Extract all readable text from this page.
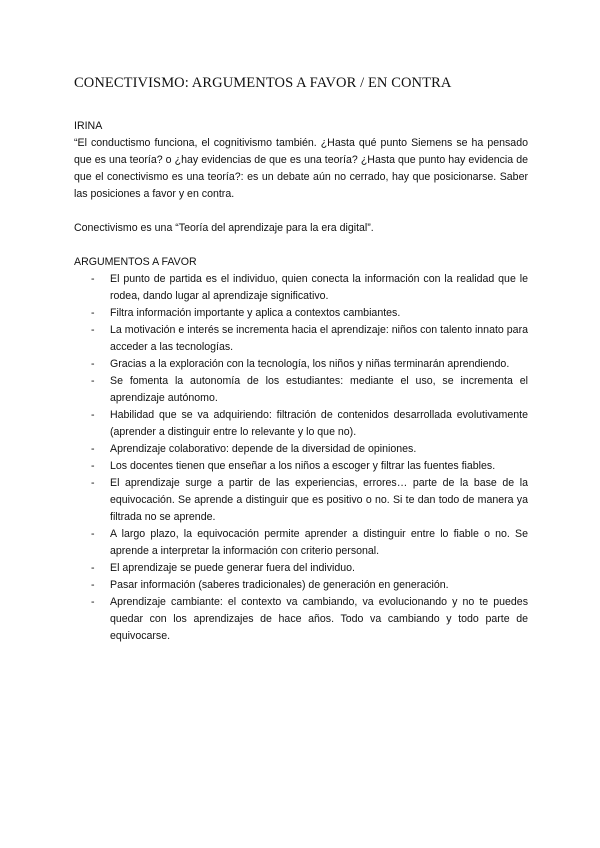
CONECTIVISMO: ARGUMENTOS A FAVOR / EN CONTRA

IRINA

“El conductismo funciona, el cognitivismo también. ¿Hasta qué punto Siemens se ha pensado que es una teoría? o ¿hay evidencias de que es una teoría? ¿Hasta que punto hay evidencia de que el conectivismo es una teoría?: es un debate aún no cerrado, hay que posicionarse. Saber las posiciones a favor y en contra.

Conectivismo es una “Teoría del aprendizaje para la era digital”.

ARGUMENTOS A FAVOR

- El punto de partida es el individuo, quien conecta la información con la realidad que le rodea, dando lugar al aprendizaje significativo.
- Filtra información importante y aplica a contextos cambiantes.
- La motivación e interés se incrementa hacia el aprendizaje: niños con talento innato para acceder a las tecnologías.
- Gracias a la exploración con la tecnología, los niños y niñas terminarán aprendiendo.
- Se fomenta la autonomía de los estudiantes: mediante el uso, se incrementa el aprendizaje autónomo.
- Habilidad que se va adquiriendo: filtración de contenidos desarrollada evolutivamente (aprender a distinguir entre lo relevante y lo que no).
- Aprendizaje colaborativo: depende de la diversidad de opiniones.
- Los docentes tienen que enseñar a los niños a escoger y filtrar las fuentes fiables.
- El aprendizaje surge a partir de las experiencias, errores… parte de la base de la equivocación. Se aprende a distinguir que es positivo o no. Si te dan todo de manera ya filtrada no se aprende.
- A largo plazo, la equivocación permite aprender a distinguir entre lo fiable o no. Se aprende a interpretar la información con criterio personal.
- El aprendizaje se puede generar fuera del individuo.
- Pasar información (saberes tradicionales) de generación en generación.
- Aprendizaje cambiante: el contexto va cambiando, va evolucionando y no te puedes quedar con los aprendizajes de hace años. Todo va cambiando y todo parte de equivocarse.
